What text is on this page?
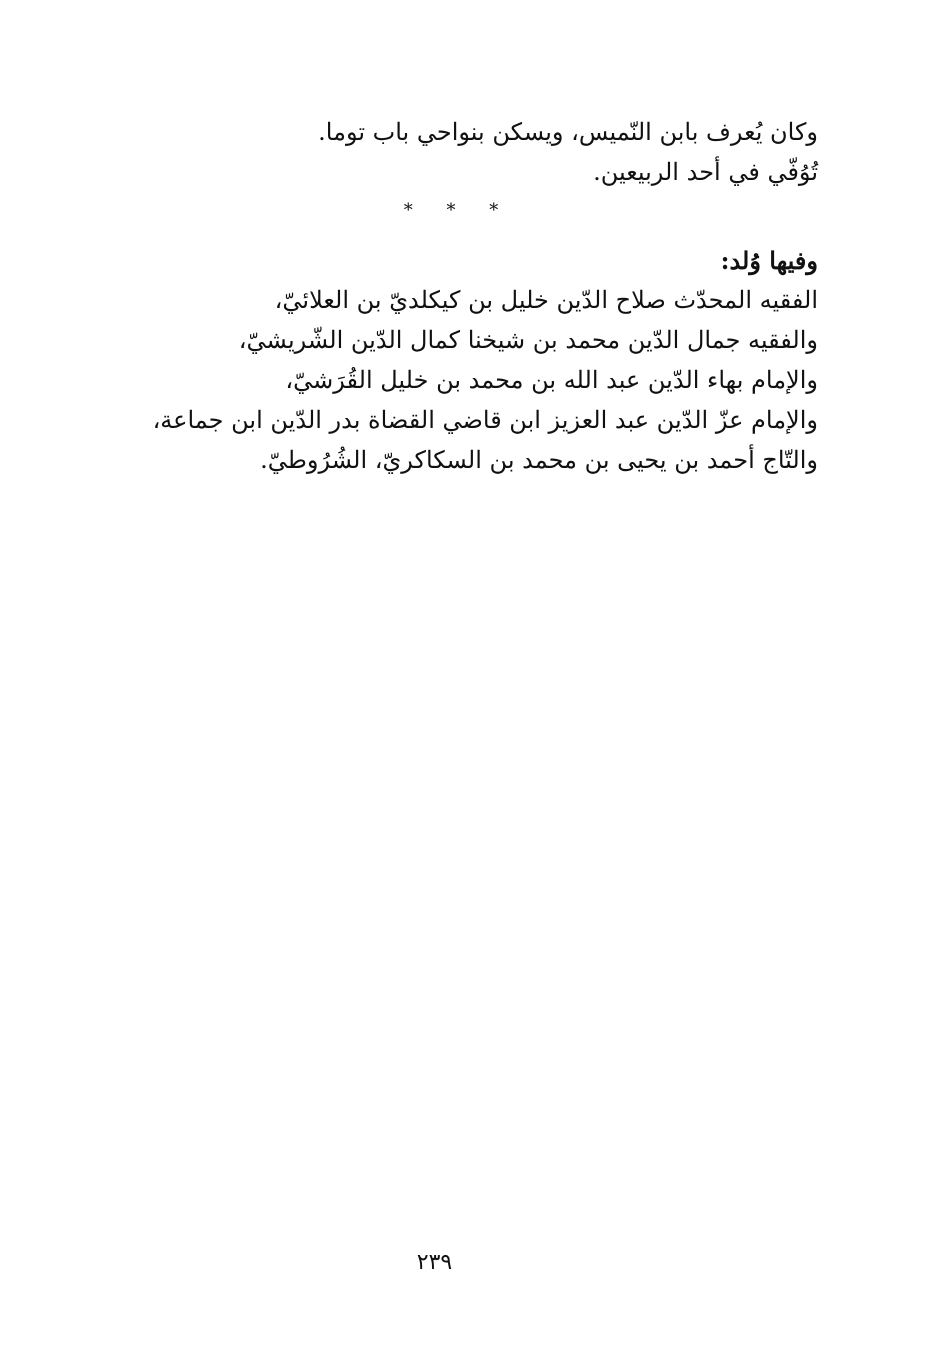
وكان يُعرف بابن النّميس، ويسكن بنواحي باب توما.
تُوُفّي في أحد الربيعين.
* * *
وفيها وُلد:
الفقيه المحدّث صلاح الدّين خليل بن كيكلديّ بن العلائيّ،
والفقيه جمال الدّين محمد بن شيخنا كمال الدّين الشّريشيّ،
والإمام بهاء الدّين عبد الله بن محمد بن خليل القُرَشيّ،
والإمام عزّ الدّين عبد العزيز ابن قاضي القضاة بدر الدّين ابن جماعة،
والتّاج أحمد بن يحيى بن محمد بن السكاكريّ، الشُرُوطيّ.
٢٣٩
